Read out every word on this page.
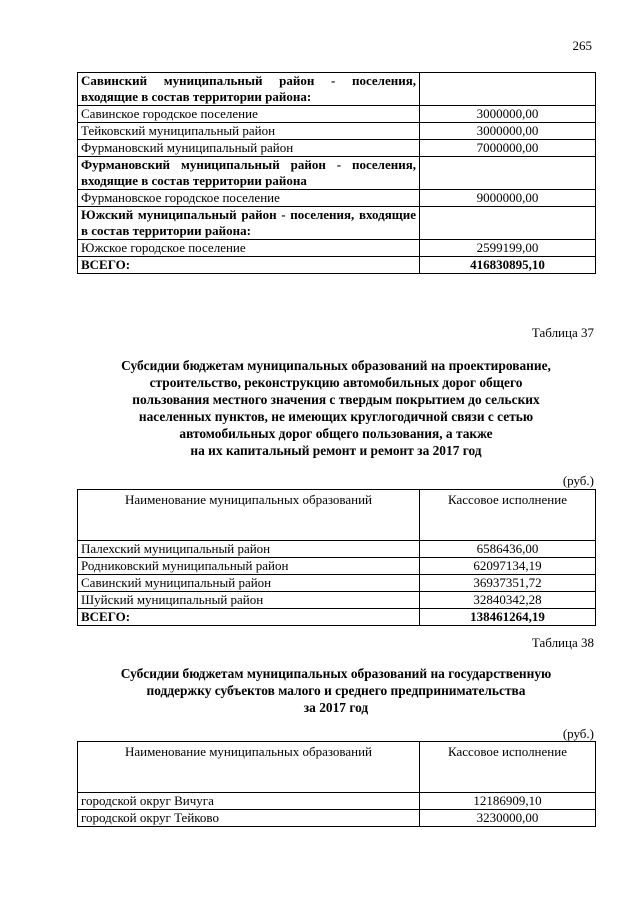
265
Савинский муниципальный район - поселения, входящие в состав территории района:	
Савинское городское поселение	3000000,00
Тейковский муниципальный район	3000000,00
Фурмановский муниципальный район	7000000,00
Фурмановский муниципальный район - поселения, входящие в состав территории района	
Фурмановское городское поселение	9000000,00
Южский муниципальный район - поселения, входящие в состав территории района:	
Южское городское поселение	2599199,00
ВСЕГО:	416830895,10
Таблица 37
Субсидии бюджетам муниципальных образований на проектирование,
строительство, реконструкцию автомобильных дорог общего
пользования местного значения с твердым покрытием до сельских
населенных пунктов, не имеющих круглогодичной связи с сетью
автомобильных дорог общего пользования, а также
на их капитальный ремонт и ремонт за 2017 год
(руб.)
Наименование муниципальных образований	Кассовое исполнение
Палехский муниципальный район	6586436,00
Родниковский муниципальный район	62097134,19
Савинский муниципальный район	36937351,72
Шуйский муниципальный район	32840342,28
ВСЕГО:	138461264,19
Таблица 38
Субсидии бюджетам муниципальных образований на государственную
поддержку субъектов малого и среднего предпринимательства
за 2017 год
(руб.)
Наименование муниципальных образований	Кассовое исполнение
городской округ Вичуга	12186909,10
городской округ Тейково	3230000,00
